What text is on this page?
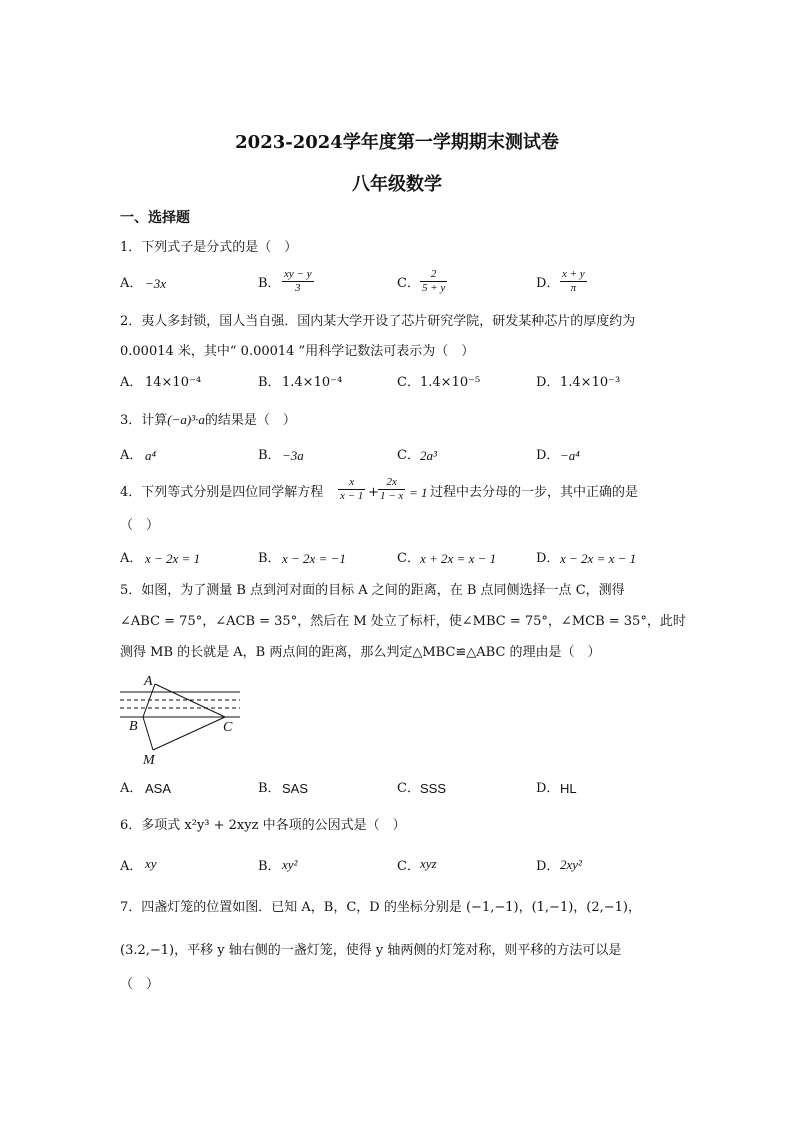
2023-2024学年度第一学期期末测试卷
八年级数学
一、选择题
1．下列式子是分式的是（　）
A． −3x	B． $\frac{xy - y}{3}$	C． $\frac{2}{5 + y}$	D． $\frac{x + y}{\pi}$
2．夷人多封锁，国人当自强．国内某大学开设了芯片研究学院，研发某种芯片的厚度约为
0.00014 米，其中“ 0.00014 ”用科学记数法可表示为（　）
A． 14×10⁻⁴	B． 1.4×10⁻⁴	C． 1.4×10⁻⁵	D． 1.4×10⁻³
3．计算(−a)³·a的结果是（　）
A． a⁴	B． −3a	C． 2a³	D． −a⁴
4．下列等式分别是四位同学解方程 $\frac{x}{x - 1} + \frac{2x}{1 - x} = 1$ 过程中去分母的一步，其中正确的是
（　）
A． x − 2x = 1	B． x − 2x = −1	C． x + 2x = x − 1	D． x − 2x = x − 1
5．如图，为了测量 B 点到河对面的目标 A 之间的距离，在 B 点同侧选择一点 C，测得
∠ABC = 75°，∠ACB = 35°，然后在 M 处立了标杆，使∠MBC = 75°，∠MCB = 35°，此时
测得 MB 的长就是 A，B 两点间的距离，那么判定△MBC≌△ABC 的理由是（　）
A
B	C
M
A． ASA	B． SAS	C． SSS	D． HL
6．多项式 x²y³ + 2xyz 中各项的公因式是（　）
A． xy	B． xy²	C． xyz	D． 2xy²
7．四盏灯笼的位置如图．已知 A，B，C，D 的坐标分别是 (−1,−1)，(1,−1)，(2,−1)，
(3.2,−1)，平移 y 轴右侧的一盏灯笼，使得 y 轴两侧的灯笼对称，则平移的方法可以是
（　）
